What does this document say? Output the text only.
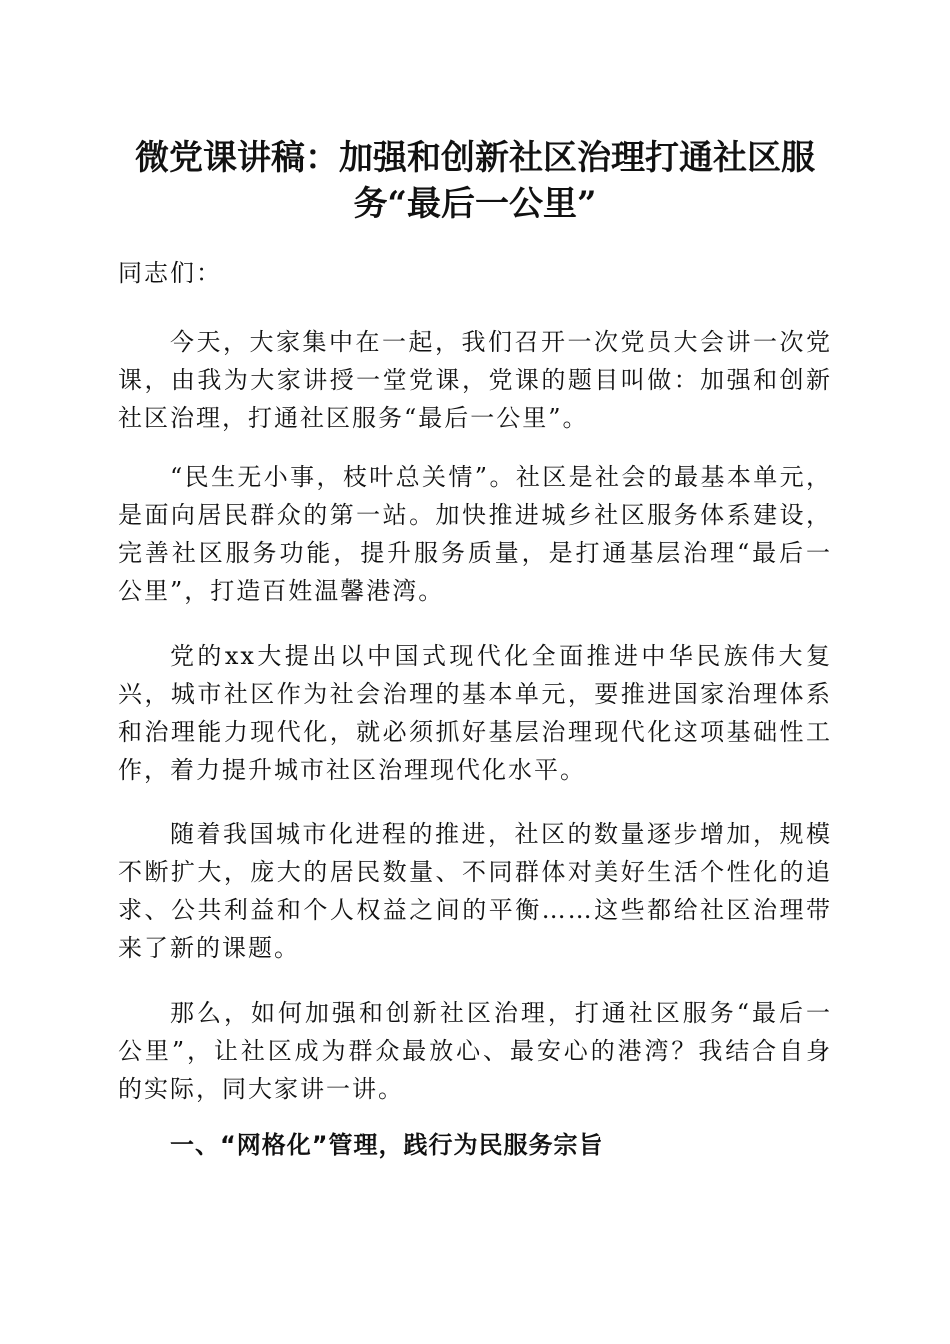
微党课讲稿：加强和创新社区治理打通社区服务“最后一公里”

同志们：

今天，大家集中在一起，我们召开一次党员大会讲一次党课，由我为大家讲授一堂党课，党课的题目叫做：加强和创新社区治理，打通社区服务“最后一公里”。

“民生无小事，枝叶总关情”。社区是社会的最基本单元，是面向居民群众的第一站。加快推进城乡社区服务体系建设，完善社区服务功能，提升服务质量，是打通基层治理“最后一公里”，打造百姓温馨港湾。

党的xx大提出以中国式现代化全面推进中华民族伟大复兴，城市社区作为社会治理的基本单元，要推进国家治理体系和治理能力现代化，就必须抓好基层治理现代化这项基础性工作，着力提升城市社区治理现代化水平。

随着我国城市化进程的推进，社区的数量逐步增加，规模不断扩大，庞大的居民数量、不同群体对美好生活个性化的追求、公共利益和个人权益之间的平衡……这些都给社区治理带来了新的课题。

那么，如何加强和创新社区治理，打通社区服务“最后一公里”，让社区成为群众最放心、最安心的港湾？我结合自身的实际，同大家讲一讲。

一、“网格化”管理，践行为民服务宗旨
